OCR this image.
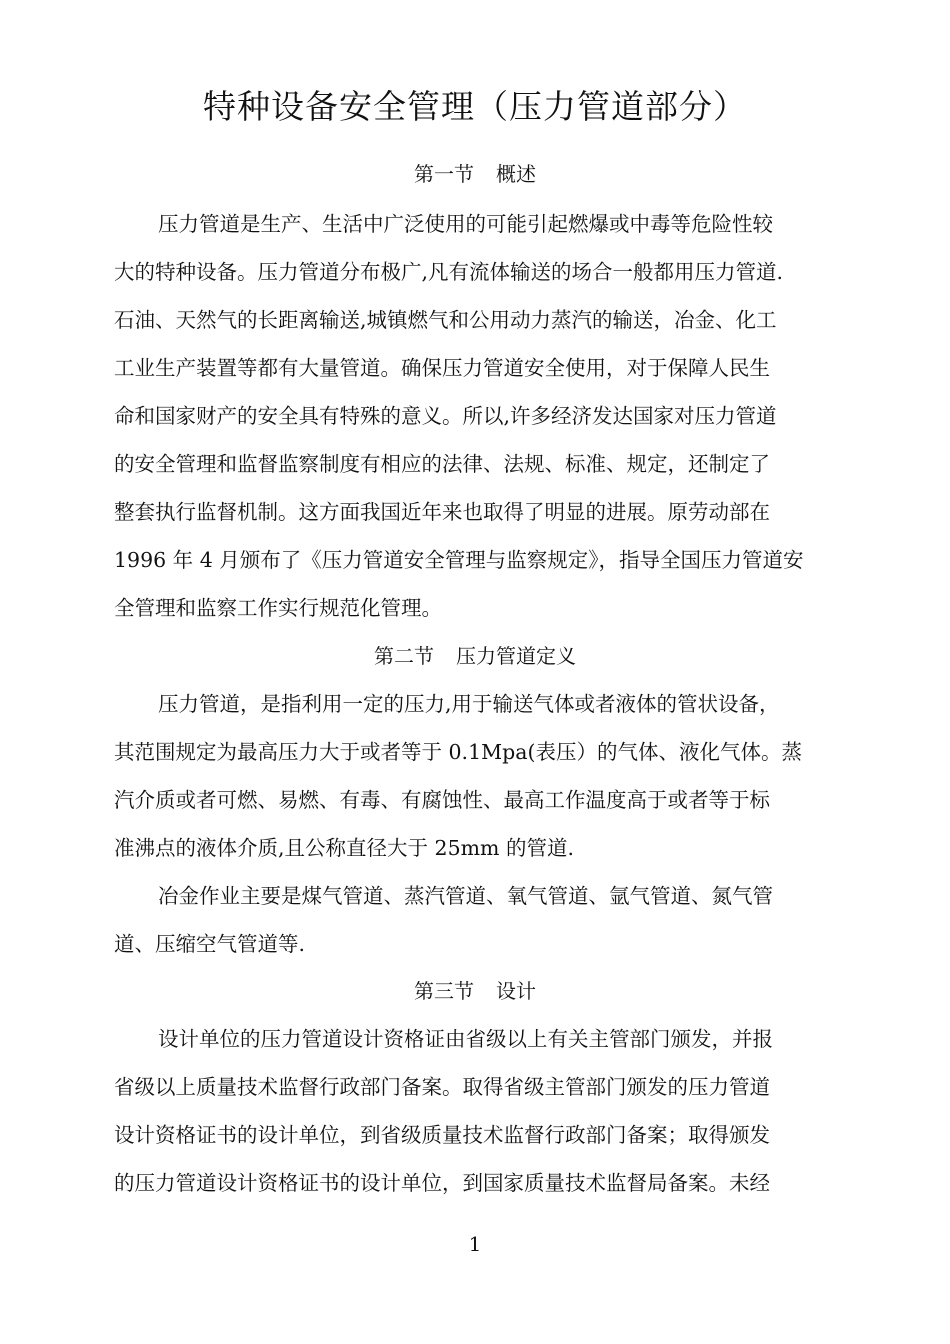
特种设备安全管理（压力管道部分）
第一节 概述
压力管道是生产、生活中广泛使用的可能引起燃爆或中毒等危险性较
大的特种设备。压力管道分布极广,凡有流体输送的场合一般都用压力管道.
石油、天然气的长距离输送,城镇燃气和公用动力蒸汽的输送，冶金、化工
工业生产装置等都有大量管道。确保压力管道安全使用，对于保障人民生
命和国家财产的安全具有特殊的意义。所以,许多经济发达国家对压力管道
的安全管理和监督监察制度有相应的法律、法规、标准、规定，还制定了
整套执行监督机制。这方面我国近年来也取得了明显的进展。原劳动部在
1996 年 4 月颁布了《压力管道安全管理与监察规定》，指导全国压力管道安
全管理和监察工作实行规范化管理。
第二节 压力管道定义
压力管道，是指利用一定的压力,用于输送气体或者液体的管状设备，
其范围规定为最高压力大于或者等于 0.1Mpa(表压）的气体、液化气体。蒸
汽介质或者可燃、易燃、有毒、有腐蚀性、最高工作温度高于或者等于标
准沸点的液体介质,且公称直径大于 25mm 的管道.
冶金作业主要是煤气管道、蒸汽管道、氧气管道、氩气管道、氮气管
道、压缩空气管道等.
第三节 设计
设计单位的压力管道设计资格证由省级以上有关主管部门颁发，并报
省级以上质量技术监督行政部门备案。取得省级主管部门颁发的压力管道
设计资格证书的设计单位，到省级质量技术监督行政部门备案；取得颁发
的压力管道设计资格证书的设计单位，到国家质量技术监督局备案。未经
1
